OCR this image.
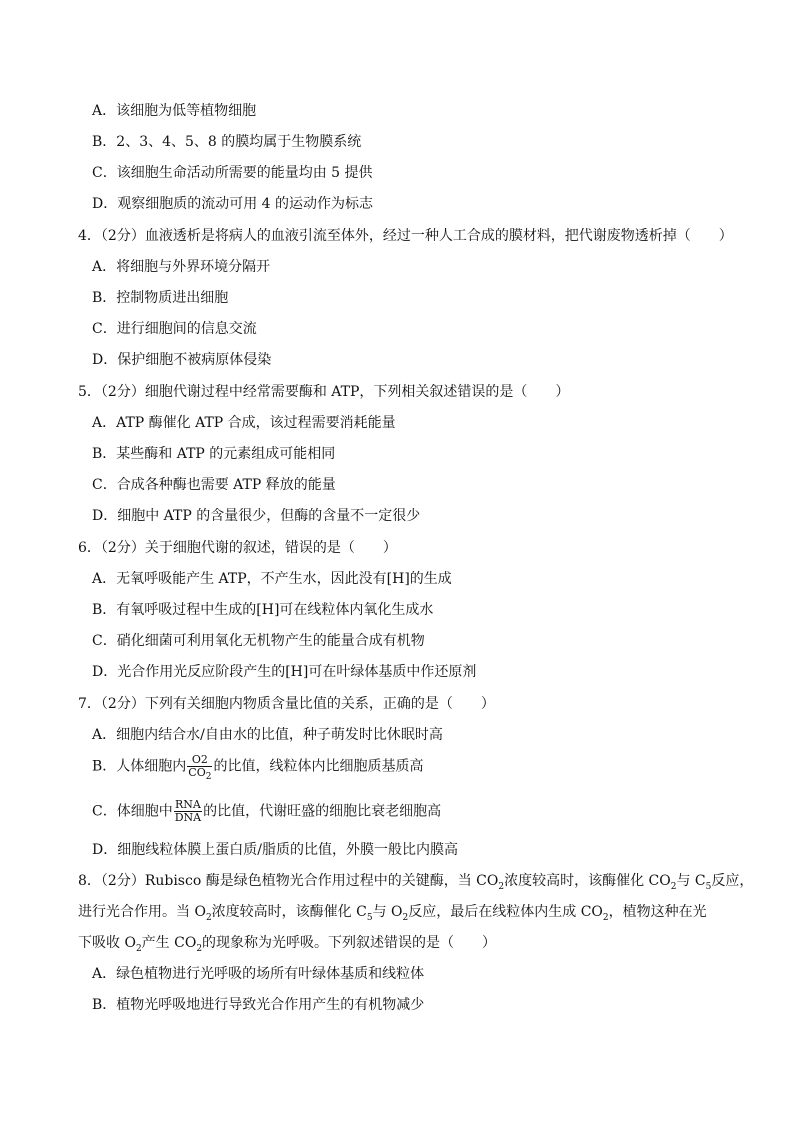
A．该细胞为低等植物细胞
B．2、3、4、5、8 的膜均属于生物膜系统
C．该细胞生命活动所需要的能量均由 5 提供
D．观察细胞质的流动可用 4 的运动作为标志
4．（2分）血液透析是将病人的血液引流至体外，经过一种人工合成的膜材料，把代谢废物透析掉（　　）
A．将细胞与外界环境分隔开
B．控制物质进出细胞
C．进行细胞间的信息交流
D．保护细胞不被病原体侵染
5．（2分）细胞代谢过程中经常需要酶和 ATP，下列相关叙述错误的是（　　）
A．ATP 酶催化 ATP 合成，该过程需要消耗能量
B．某些酶和 ATP 的元素组成可能相同
C．合成各种酶也需要 ATP 释放的能量
D．细胞中 ATP 的含量很少，但酶的含量不一定很少
6．（2分）关于细胞代谢的叙述，错误的是（　　）
A．无氧呼吸能产生 ATP，不产生水，因此没有[H]的生成
B．有氧呼吸过程中生成的[H]可在线粒体内氧化生成水
C．硝化细菌可利用氧化无机物产生的能量合成有机物
D．光合作用光反应阶段产生的[H]可在叶绿体基质中作还原剂
7．（2分）下列有关细胞内物质含量比值的关系，正确的是（　　）
A．细胞内结合水/自由水的比值，种子萌发时比休眠时高
B．人体细胞内 $\frac{O2}{CO_2}$ 的比值，线粒体内比细胞质基质高
C．体细胞中 $\frac{\text{RNA}}{\text{DNA}}$ 的比值，代谢旺盛的细胞比衰老细胞高
D．细胞线粒体膜上蛋白质/脂质的比值，外膜一般比内膜高
8．（2分）Rubisco 酶是绿色植物光合作用过程中的关键酶，当 $CO_2$浓度较高时，该酶催化 $CO_2$与 $C_5$反应，
进行光合作用。当 $O_2$浓度较高时，该酶催化 $C_5$与 $O_2$反应，最后在线粒体内生成 $CO_2$，植物这种在光
下吸收 $O_2$产生 $CO_2$的现象称为光呼吸。下列叙述错误的是（　　）
A．绿色植物进行光呼吸的场所有叶绿体基质和线粒体
B．植物光呼吸地进行导致光合作用产生的有机物减少
